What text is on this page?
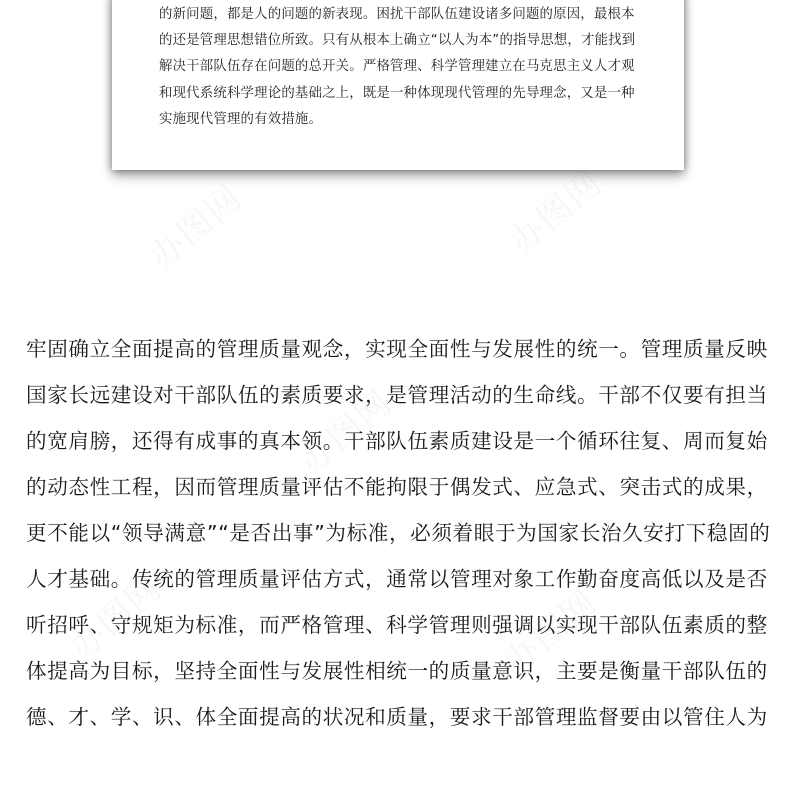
办图网	办图网
办图网
办图网	办图网
的新问题，都是人的问题的新表现。困扰干部队伍建设诸多问题的原因，最根本
的还是管理思想错位所致。只有从根本上确立“以人为本”的指导思想，才能找到
解决干部队伍存在问题的总开关。严格管理、科学管理建立在马克思主义人才观
和现代系统科学理论的基础之上，既是一种体现现代管理的先导理念，又是一种
实施现代管理的有效措施。
牢固确立全面提高的管理质量观念，实现全面性与发展性的统一。管理质量反映
国家长远建设对干部队伍的素质要求，是管理活动的生命线。干部不仅要有担当
的宽肩膀，还得有成事的真本领。干部队伍素质建设是一个循环往复、周而复始
的动态性工程，因而管理质量评估不能拘限于偶发式、应急式、突击式的成果，
更不能以“领导满意”“是否出事”为标准，必须着眼于为国家长治久安打下稳固的
人才基础。传统的管理质量评估方式，通常以管理对象工作勤奋度高低以及是否
听招呼、守规矩为标准，而严格管理、科学管理则强调以实现干部队伍素质的整
体提高为目标，坚持全面性与发展性相统一的质量意识，主要是衡量干部队伍的
德、才、学、识、体全面提高的状况和质量，要求干部管理监督要由以管住人为
